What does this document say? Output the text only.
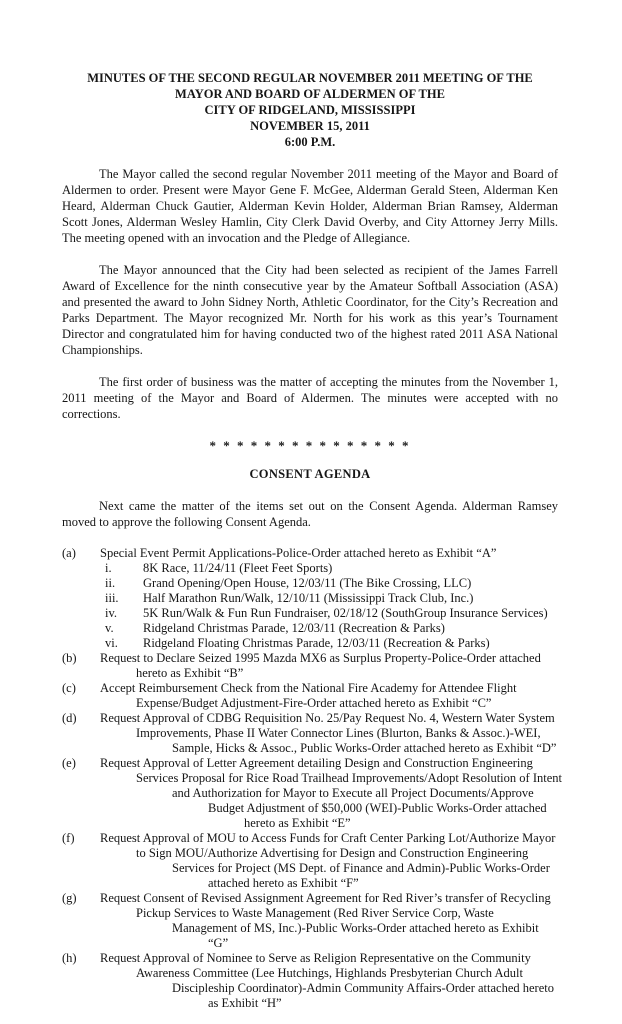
MINUTES OF THE SECOND REGULAR NOVEMBER 2011 MEETING OF THE
MAYOR AND BOARD OF ALDERMEN OF THE
CITY OF RIDGELAND, MISSISSIPPI
NOVEMBER 15, 2011
6:00 P.M.

The Mayor called the second regular November 2011 meeting of the Mayor and Board of Aldermen to order. Present were Mayor Gene F. McGee, Alderman Gerald Steen, Alderman Ken Heard, Alderman Chuck Gautier, Alderman Kevin Holder, Alderman Brian Ramsey, Alderman Scott Jones, Alderman Wesley Hamlin, City Clerk David Overby, and City Attorney Jerry Mills. The meeting opened with an invocation and the Pledge of Allegiance.

The Mayor announced that the City had been selected as recipient of the James Farrell Award of Excellence for the ninth consecutive year by the Amateur Softball Association (ASA) and presented the award to John Sidney North, Athletic Coordinator, for the City’s Recreation and Parks Department. The Mayor recognized Mr. North for his work as this year’s Tournament Director and congratulated him for having conducted two of the highest rated 2011 ASA National Championships.

The first order of business was the matter of accepting the minutes from the November 1, 2011 meeting of the Mayor and Board of Aldermen. The minutes were accepted with no corrections.

* * * * * * * * * * * * * * *
CONSENT AGENDA

Next came the matter of the items set out on the Consent Agenda. Alderman Ramsey moved to approve the following Consent Agenda.

(a) Special Event Permit Applications-Police-Order attached hereto as Exhibit “A”
i.	8K Race, 11/24/11 (Fleet Feet Sports)
ii. Grand Opening/Open House, 12/03/11 (The Bike Crossing, LLC)
iii. Half Marathon Run/Walk, 12/10/11 (Mississippi Track Club, Inc.)
iv. 5K Run/Walk & Fun Run Fundraiser, 02/18/12 (SouthGroup Insurance Services)
v. Ridgeland Christmas Parade, 12/03/11 (Recreation & Parks)
vi. Ridgeland Floating Christmas Parade, 12/03/11 (Recreation & Parks)
(b) Request to Declare Seized 1995 Mazda MX6 as Surplus Property-Police-Order attached
hereto as Exhibit “B”
(c) Accept Reimbursement Check from the National Fire Academy for Attendee Flight
Expense/Budget Adjustment-Fire-Order attached hereto as Exhibit “C”
(d) Request Approval of CDBG Requisition No. 25/Pay Request No. 4, Western Water System
Improvements, Phase II Water Connector Lines (Blurton, Banks & Assoc.)-WEI,
Sample, Hicks & Assoc., Public Works-Order attached hereto as Exhibit “D”
(e) Request Approval of Letter Agreement detailing Design and Construction Engineering
Services Proposal for Rice Road Trailhead Improvements/Adopt Resolution of Intent
and Authorization for Mayor to Execute all Project Documents/Approve
Budget Adjustment of $50,000 (WEI)-Public Works-Order attached
hereto as Exhibit “E”
(f) Request Approval of MOU to Access Funds for Craft Center Parking Lot/Authorize Mayor
to Sign MOU/Authorize Advertising for Design and Construction Engineering
Services for Project (MS Dept. of Finance and Admin)-Public Works-Order
attached hereto as Exhibit “F”
(g) Request Consent of Revised Assignment Agreement for Red River’s transfer of Recycling
Pickup Services to Waste Management (Red River Service Corp, Waste
Management of MS, Inc.)-Public Works-Order attached hereto as Exhibit
“G”
(h) Request Approval of Nominee to Serve as Religion Representative on the Community
Awareness Committee (Lee Hutchings, Highlands Presbyterian Church Adult
Discipleship Coordinator)-Admin Community Affairs-Order attached hereto
as Exhibit “H”
